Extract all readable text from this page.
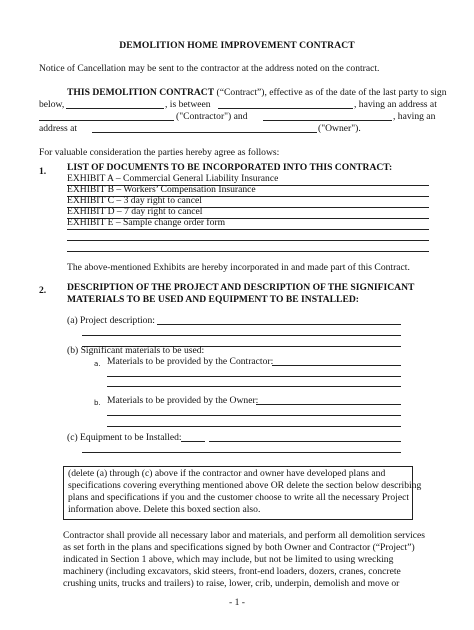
DEMOLITION HOME IMPROVEMENT CONTRACT
Notice of Cancellation may be sent to the contractor at the address noted on the contract.
THIS DEMOLITION CONTRACT (“Contract”), effective as of the date of the last party to sign
below,	, is between	, having an address at
("Contractor") and	, having an
address at	("Owner").
For valuable consideration the parties hereby agree as follows:
1. LIST OF DOCUMENTS TO BE INCORPORATED INTO THIS CONTRACT:
EXHIBIT A – Commercial General Liability Insurance
EXHIBIT B – Workers’ Compensation Insurance
EXHIBIT C – 3 day right to cancel
EXHIBIT D – 7 day right to cancel
EXHIBIT E – Sample change order form
The above-mentioned Exhibits are hereby incorporated in and made part of this Contract.
2. DESCRIPTION OF THE PROJECT AND DESCRIPTION OF THE SIGNIFICANT
MATERIALS TO BE USED AND EQUIPMENT TO BE INSTALLED:
(a) Project description:
(b) Significant materials to be used:
a. Materials to be provided by the Contractor:
b. Materials to be provided by the Owner:
(c) Equipment to be Installed:
(delete (a) through (c) above if the contractor and owner have developed plans and
specifications covering everything mentioned above OR delete the section below describing
plans and specifications if you and the customer choose to write all the necessary Project
information above. Delete this boxed section also.
Contractor shall provide all necessary labor and materials, and perform all demolition services
as set forth in the plans and specifications signed by both Owner and Contractor (“Project”)
indicated in Section 1 above, which may include, but not be limited to using wrecking
machinery (including excavators, skid steers, front-end loaders, dozers, cranes, concrete
crushing units, trucks and trailers) to raise, lower, crib, underpin, demolish and move or
- 1 -
